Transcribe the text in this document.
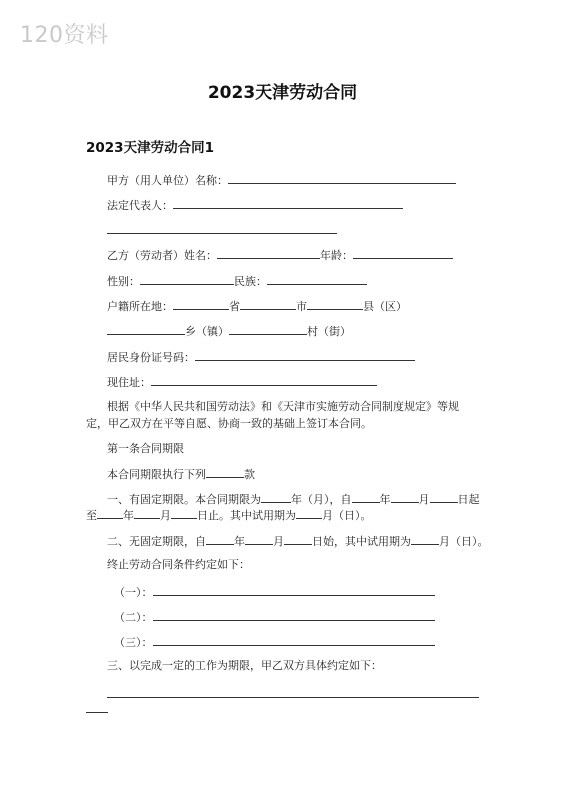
120资料
2023天津劳动合同
2023天津劳动合同1
甲方（用人单位）名称：
法定代表人：
乙方（劳动者）姓名：	年龄：
性别：	民族：
户籍所在地：	省	市	县（区）
乡（镇）	村（街）
居民身份证号码：
现住址：
根据《中华人民共和国劳动法》和《天津市实施劳动合同制度规定》等规定，甲乙双方在平等自愿、协商一致的基础上签订本合同。
第一条合同期限
本合同期限执行下列	款
一、有固定期限。本合同期限为	年（月），自	年	月	日起
至 年 月 日止。其中试用期为 月（日）。
二、无固定期限，自	年	月	日始，其中试用期为	月（日）。
终止劳动合同条件约定如下：
（一）：
（二）：
（三）：
三、以完成一定的工作为期限，甲乙双方具体约定如下：
